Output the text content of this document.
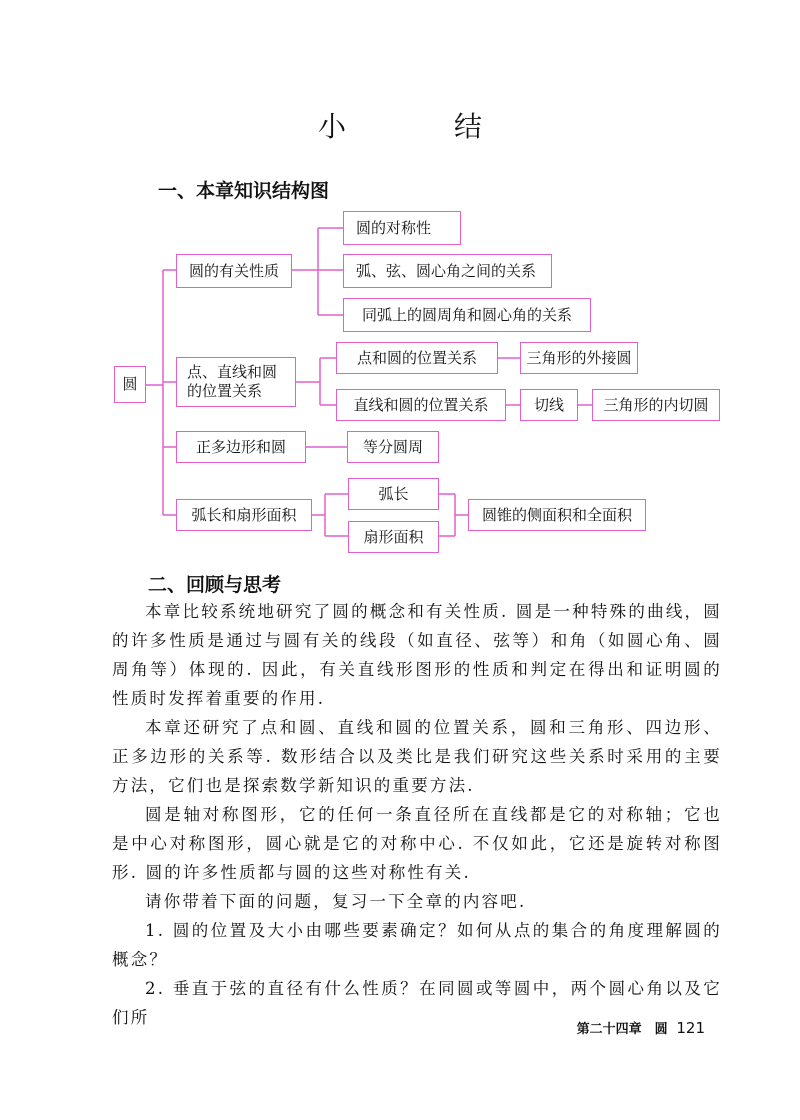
小　结
一、本章知识结构图
圆
圆的有关性质
圆的对称性
弧、弦、圆心角之间的关系
同弧上的圆周角和圆心角的关系
点、直线和圆
的位置关系
点和圆的位置关系	三角形的外接圆
直线和圆的位置关系	切线	三角形的内切圆
正多边形和圆	等分圆周
弧长和扇形面积
弧长
扇形面积
圆锥的侧面积和全面积
二、回顾与思考
本章比较系统地研究了圆的概念和有关性质. 圆是一种特殊的曲线，圆的许多性质是通过与圆有关的线段（如直径、弦等）和角（如圆心角、圆周角等）体现的. 因此，有关直线形图形的性质和判定在得出和证明圆的性质时发挥着重要的作用.
本章还研究了点和圆、直线和圆的位置关系，圆和三角形、四边形、正多边形的关系等. 数形结合以及类比是我们研究这些关系时采用的主要方法，它们也是探索数学新知识的重要方法.
圆是轴对称图形，它的任何一条直径所在直线都是它的对称轴；它也是中心对称图形，圆心就是它的对称中心. 不仅如此，它还是旋转对称图形. 圆的许多性质都与圆的这些对称性有关.
请你带着下面的问题，复习一下全章的内容吧.
1. 圆的位置及大小由哪些要素确定？如何从点的集合的角度理解圆的概念？
2. 垂直于弦的直径有什么性质？在同圆或等圆中，两个圆心角以及它们所
第二十四章　圆 121
